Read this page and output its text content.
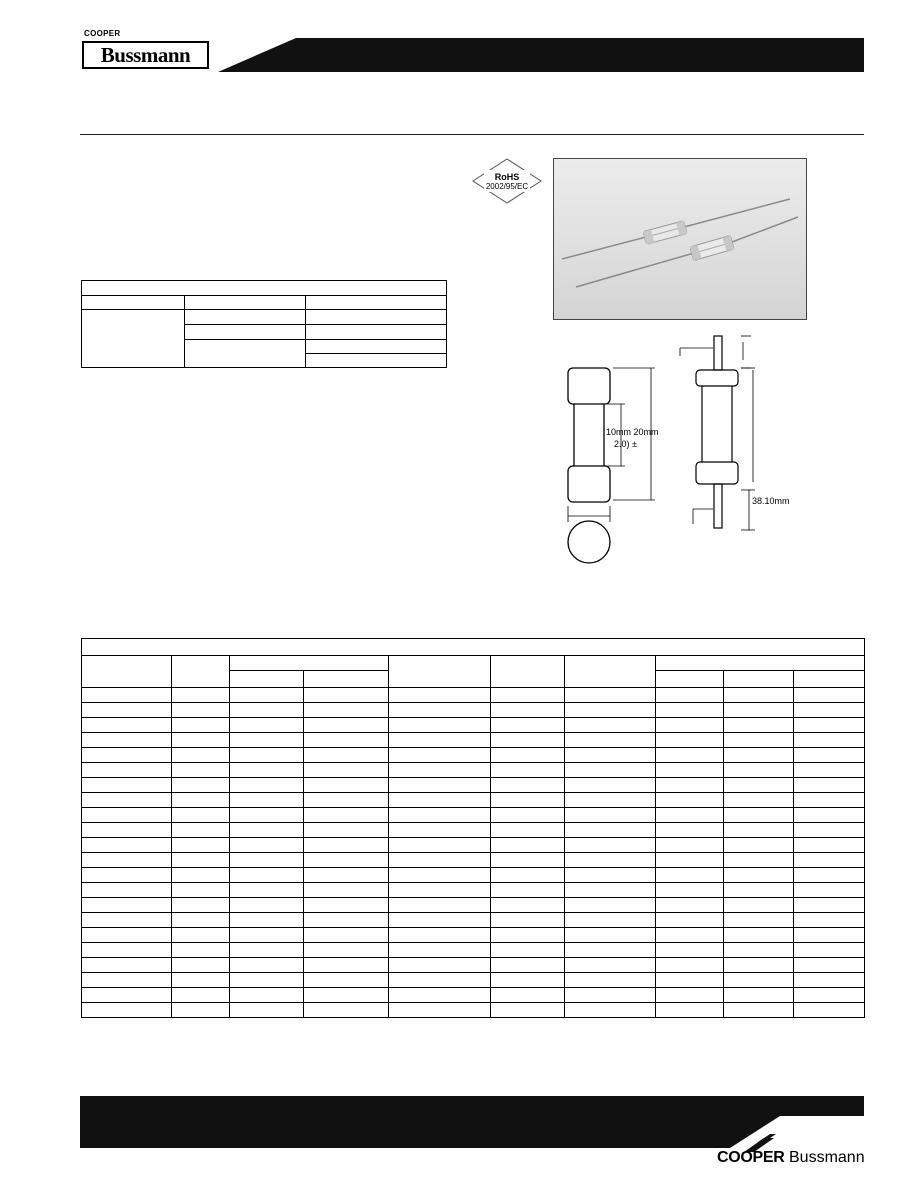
COOPER
Bussmann
RoHS
2002/95/EC

10mm 20mm
2.0) ±
38.10mm

COOPER Bussmann
